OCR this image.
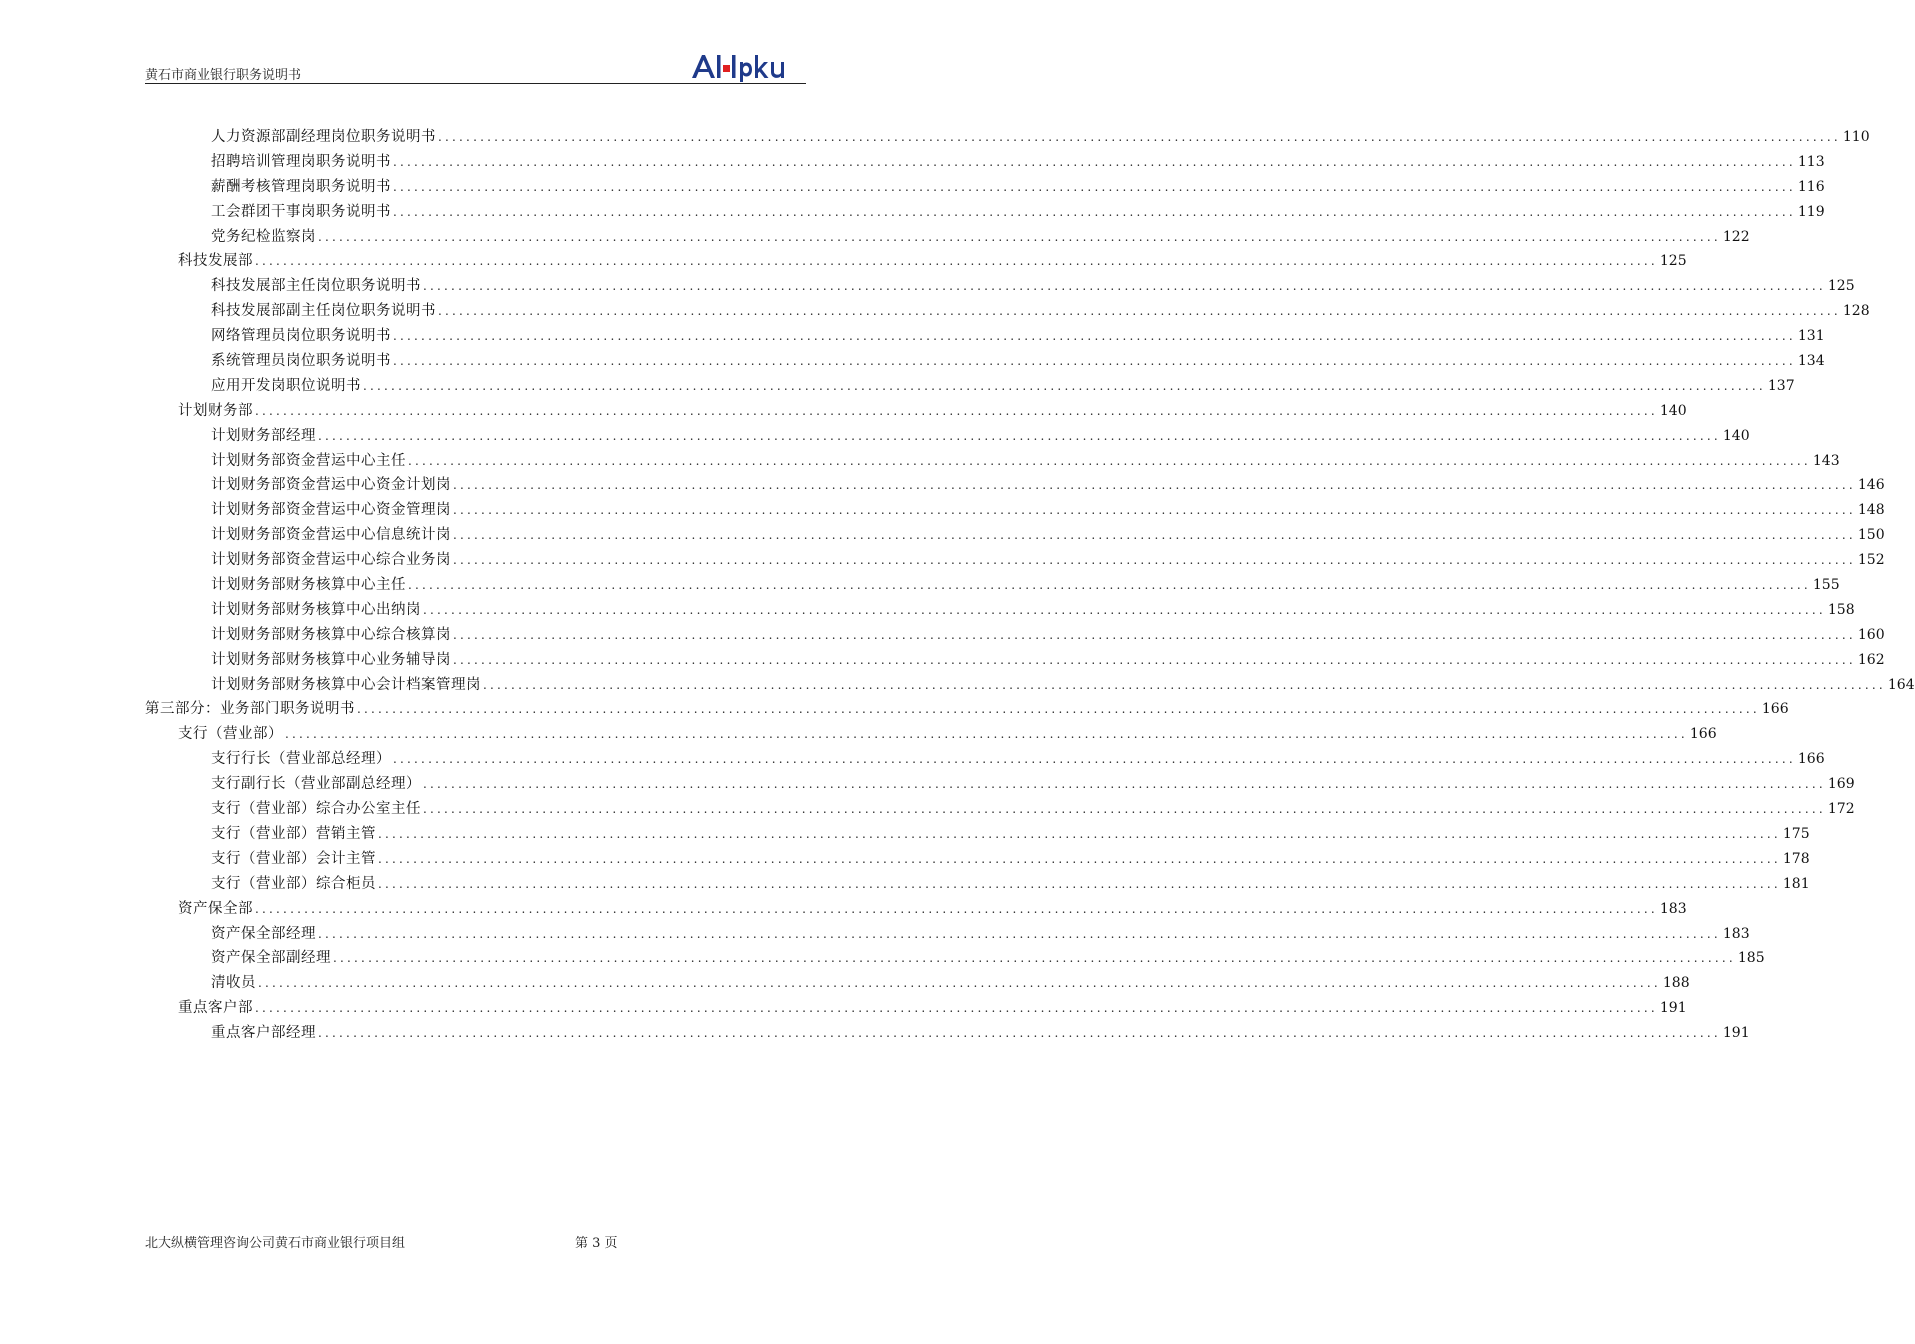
黄石市商业银行职务说明书
人力资源部副经理岗位职务说明书 ........................................................................................................................................................................................................ 110
招聘培训管理岗职务说明书 ........................................................................................................................................................................................................ 113
薪酬考核管理岗职务说明书 ........................................................................................................................................................................................................ 116
工会群团干事岗职务说明书 ........................................................................................................................................................................................................ 119
党务纪检监察岗 ........................................................................................................................................................................................................ 122
科技发展部 ........................................................................................................................................................................................................ 125
科技发展部主任岗位职务说明书 ........................................................................................................................................................................................................ 125
科技发展部副主任岗位职务说明书 ........................................................................................................................................................................................................ 128
网络管理员岗位职务说明书 ........................................................................................................................................................................................................ 131
系统管理员岗位职务说明书 ........................................................................................................................................................................................................ 134
应用开发岗职位说明书 ........................................................................................................................................................................................................ 137
计划财务部 ........................................................................................................................................................................................................ 140
计划财务部经理 ........................................................................................................................................................................................................ 140
计划财务部资金营运中心主任 ........................................................................................................................................................................................................ 143
计划财务部资金营运中心资金计划岗 ........................................................................................................................................................................................................ 146
计划财务部资金营运中心资金管理岗 ........................................................................................................................................................................................................ 148
计划财务部资金营运中心信息统计岗 ........................................................................................................................................................................................................ 150
计划财务部资金营运中心综合业务岗 ........................................................................................................................................................................................................ 152
计划财务部财务核算中心主任 ........................................................................................................................................................................................................ 155
计划财务部财务核算中心出纳岗 ........................................................................................................................................................................................................ 158
计划财务部财务核算中心综合核算岗 ........................................................................................................................................................................................................ 160
计划财务部财务核算中心业务辅导岗 ........................................................................................................................................................................................................ 162
计划财务部财务核算中心会计档案管理岗 ........................................................................................................................................................................................................ 164
第三部分：业务部门职务说明书 ........................................................................................................................................................................................................ 166
支行（营业部） ........................................................................................................................................................................................................ 166
支行行长（营业部总经理） ........................................................................................................................................................................................................ 166
支行副行长（营业部副总经理） ........................................................................................................................................................................................................ 169
支行（营业部）综合办公室主任 ........................................................................................................................................................................................................ 172
支行（营业部）营销主管 ........................................................................................................................................................................................................ 175
支行（营业部）会计主管 ........................................................................................................................................................................................................ 178
支行（营业部）综合柜员 ........................................................................................................................................................................................................ 181
资产保全部 ........................................................................................................................................................................................................ 183
资产保全部经理 ........................................................................................................................................................................................................ 183
资产保全部副经理 ........................................................................................................................................................................................................ 185
清收员 ........................................................................................................................................................................................................ 188
重点客户部 ........................................................................................................................................................................................................ 191
重点客户部经理 ........................................................................................................................................................................................................ 191
北大纵横管理咨询公司黄石市商业银行项目组	第 3 页
